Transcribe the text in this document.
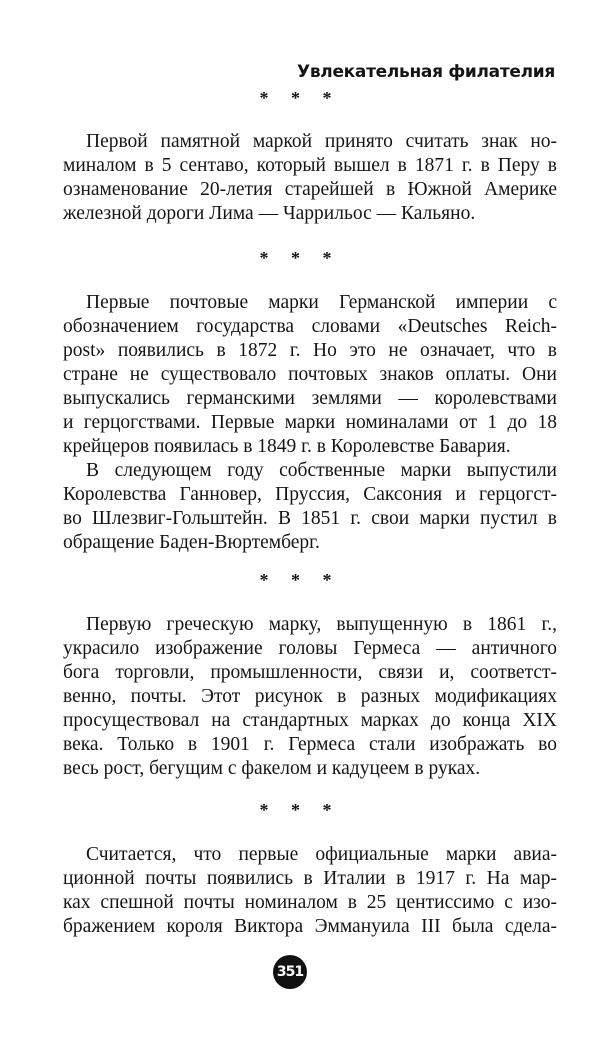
Увлекательная филателия
* * *
Первой памятной маркой принято считать знак но-
миналом в 5 сентаво, который вышел в 1871 г. в Перу в
ознаменование 20-летия старейшей в Южной Америке
железной дороги Лима — Чаррильос — Кальяно.
* * *
Первые почтовые марки Германской империи с
обозначением государства словами «Deutsches Reich-
post» появились в 1872 г. Но это не означает, что в
стране не существовало почтовых знаков оплаты. Они
выпускались германскими землями — королевствами
и герцогствами. Первые марки номиналами от 1 до 18
крейцеров появилась в 1849 г. в Королевстве Бавария.
В следующем году собственные марки выпустили
Королевства Ганновер, Пруссия, Саксония и герцогст-
во Шлезвиг-Гольштейн. В 1851 г. свои марки пустил в
обращение Баден-Вюртемберг.
* * *
Первую греческую марку, выпущенную в 1861 г.,
украсило изображение головы Гермеса — античного
бога торговли, промышленности, связи и, соответст-
венно, почты. Этот рисунок в разных модификациях
просуществовал на стандартных марках до конца XIX
века. Только в 1901 г. Гермеса стали изображать во
весь рост, бегущим с факелом и кадуцеем в руках.
* * *
Считается, что первые официальные марки авиа-
ционной почты появились в Италии в 1917 г. На мар-
ках спешной почты номиналом в 25 центиссимо с изо-
бражением короля Виктора Эммануила III была сдела-
351
